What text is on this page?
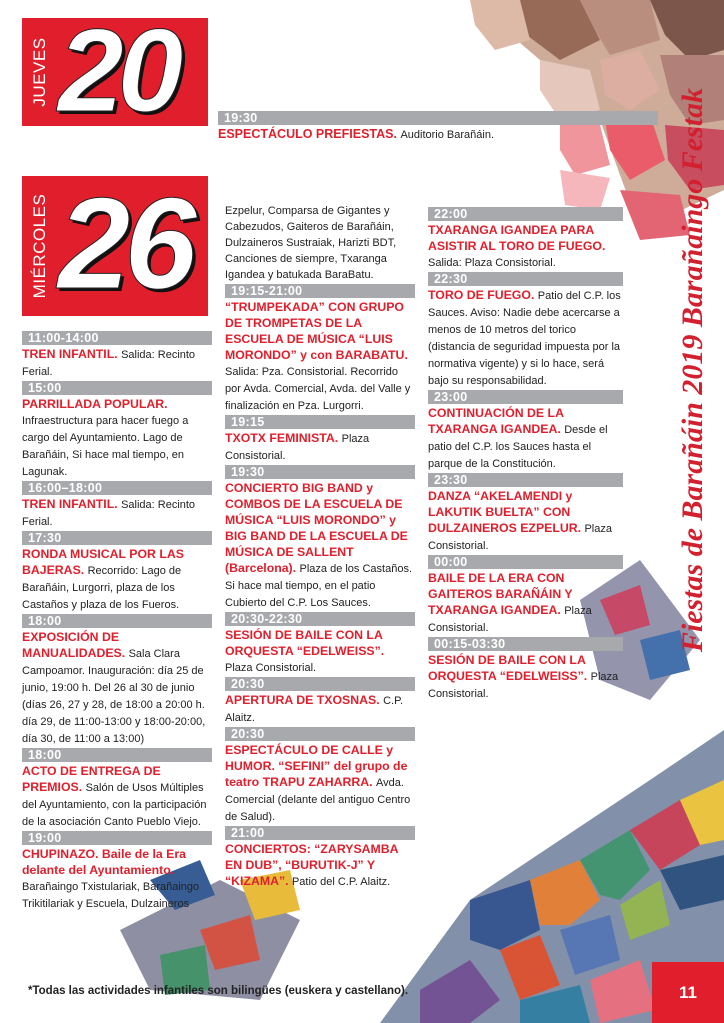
JUEVES 20	19:30
ESPECTÁCULO PREFIESTAS. Auditorio Barañáin.
MIÉRCOLES 26
11:00-14:00
TREN INFANTIL. Salida: Recinto Ferial.
15:00
PARRILLADA POPULAR. Infraestructura para hacer fuego a cargo del Ayuntamiento. Lago de Barañáin, Si hace mal tiempo, en Lagunak.
16:00–18:00
TREN INFANTIL. Salida: Recinto Ferial.
17:30
RONDA MUSICAL POR LAS BAJERAS. Recorrido: Lago de Barañáin, Lurgorri, plaza de los Castaños y plaza de los Fueros.
18:00
EXPOSICIÓN DE MANUALIDADES. Sala Clara Campoamor. Inauguración: día 25 de junio, 19:00 h. Del 26 al 30 de junio (días 26, 27 y 28, de 18:00 a 20:00 h. día 29, de 11:00-13:00 y 18:00-20:00, día 30, de 11:00 a 13:00)
18:00
ACTO DE ENTREGA DE PREMIOS. Salón de Usos Múltiples del Ayuntamiento, con la participación de la asociación Canto Pueblo Viejo.
19:00
CHUPINAZO. Baile de la Era delante del Ayuntamiento. Barañaingo Txistulariak, Barañaingo Trikitilariak y Escuela, Dulzaineros
Ezpelur, Comparsa de Gigantes y Cabezudos, Gaiteros de Barañáin, Dulzaineros Sustraiak, Harizti BDT, Canciones de siempre, Txaranga Igandea y batukada BaraBatu.
19:15-21:00
“TRUMPEKADA” CON GRUPO DE TROMPETAS DE LA ESCUELA DE MÚSICA “LUIS MORONDO” y con BARABATU. Salida: Pza. Consistorial. Recorrido por Avda. Comercial, Avda. del Valle y finalización en Pza. Lurgorri.
19:15
TXOTX FEMINISTA. Plaza Consistorial.
19:30
CONCIERTO BIG BAND y COMBOS DE LA ESCUELA DE MÚSICA “LUIS MORONDO” y BIG BAND DE LA ESCUELA DE MÚSICA DE SALLENT (Barcelona). Plaza de los Castaños. Si hace mal tiempo, en el patio Cubierto del C.P. Los Sauces.
20:30-22:30
SESIÓN DE BAILE CON LA ORQUESTA “EDELWEISS”. Plaza Consistorial.
20:30
APERTURA DE TXOSNAS. C.P. Alaitz.
20:30
ESPECTÁCULO DE CALLE y HUMOR. “SEFINI” del grupo de teatro TRAPU ZAHARRA. Avda. Comercial (delante del antiguo Centro de Salud).
21:00
CONCIERTOS: “ZARYSAMBA EN DUB”, “BURUTIK-J” Y “KIZAMA”. Patio del C.P. Alaitz.
22:00
TXARANGA IGANDEA PARA ASISTIR AL TORO DE FUEGO. Salida: Plaza Consistorial.
22:30
TORO DE FUEGO. Patio del C.P. los Sauces. Aviso: Nadie debe acercarse a menos de 10 metros del torico (distancia de seguridad impuesta por la normativa vigente) y si lo hace, será bajo su responsabilidad.
23:00
CONTINUACIÓN DE LA TXARANGA IGANDEA. Desde el patio del C.P. los Sauces hasta el parque de la Constitución.
23:30
DANZA “AKELAMENDI y LAKUTIK BUELTA” CON DULZAINEROS EZPELUR. Plaza Consistorial.
00:00
BAILE DE LA ERA CON GAITEROS BARAÑÁIN Y TXARANGA IGANDEA. Plaza Consistorial.
00:15-03:30
SESIÓN DE BAILE CON LA ORQUESTA “EDELWEISS”. Plaza Consistorial.
Fiestas de Barañáin 2019 Barañaingo Festak
*Todas las actividades infantiles son bilingües (euskera y castellano).	11
